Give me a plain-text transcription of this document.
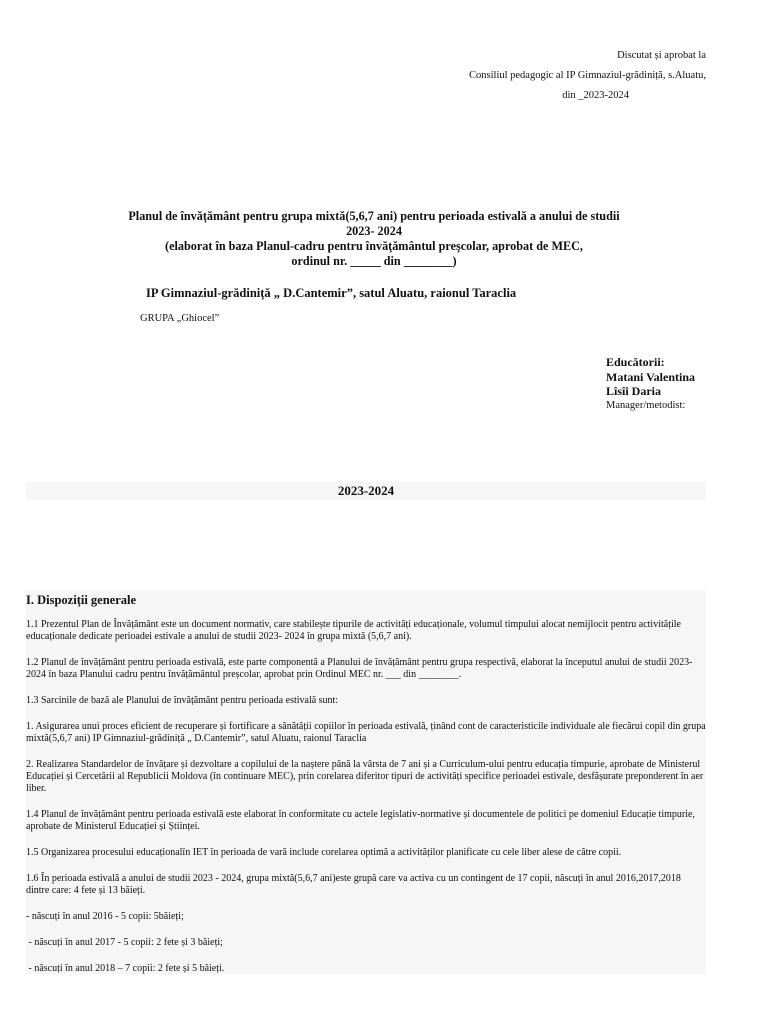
Discutat și aprobat la
Consiliul pedagogic al IP Gimnaziul-grădiniță, s.Aluatu,
din _2023-2024
Planul de învățământ pentru grupa mixtă(5,6,7 ani) pentru perioada estivală a anului de studii
2023- 2024
(elaborat în baza Planul-cadru pentru învăţământul preşcolar, aprobat de MEC,
ordinul nr. _____ din ________)
IP Gimnaziul-grădiniță „ D.Cantemir”, satul Aluatu, raionul Taraclia
GRUPA „Ghiocel”
Educătorii:
Matani Valentina
Lîsîi Daria
Manager/metodist:
2023-2024
I. Dispoziții generale

1.1 Prezentul Plan de Învățământ este un document normativ, care stabilește tipurile de activități educaționale, volumul timpului alocat nemijlocit pentru activitățile educaționale dedicate perioadei estivale a anului de studii 2023- 2024 în grupa mixtă (5,6,7 ani).

1.2 Planul de învățământ pentru perioada estivală, este parte componentă a Planului de învățământ pentru grupa respectivă, elaborat la începutul anului de studii 2023-2024 în baza Planului cadru pentru învățământul preșcolar, aprobat prin Ordinul MEC nr. ___ din ________.

1.3 Sarcinile de bază ale Planului de învățământ pentru perioada estivală sunt:

1. Asigurarea unui proces eficient de recuperare și fortificare a sănătății copiilor în perioada estivală, ținând cont de caracteristicile individuale ale fiecărui copil din grupa mixtă(5,6,7 ani) IP Gimnaziul-grădiniță „ D.Cantemir”, satul Aluatu, raionul Taraclia

2. Realizarea Standardelor de învățare și dezvoltare a copilului de la naștere până la vârsta de 7 ani și a Curriculum-ului pentru educația timpurie, aprobate de Ministerul Educației și Cercetării al Republicii Moldova (în continuare MEC), prin corelarea diferitor tipuri de activități specifice perioadei estivale, desfășurate preponderent în aer liber.

1.4 Planul de învățământ pentru perioada estivală este elaborat în conformitate cu actele legislativ-normative și documentele de politici pe domeniul Educație timpurie, aprobate de Ministerul Educației și Științei.

1.5 Organizarea procesului educaționalîn IET în perioada de vară include corelarea optimă a activităților planificate cu cele liber alese de către copii.

1.6 În perioada estivală a anului de studii 2023 - 2024, grupa mixtă(5,6,7 ani)este grupă care va activa cu un contingent de 17 copii, născuți în anul 2016,2017,2018 dintre care: 4 fete și 13 băieți.

- născuți în anul 2016 - 5 copii: 5băieți;

- născuți în anul 2017 - 5 copii: 2 fete și 3 băieți;

- născuți în anul 2018 – 7 copii: 2 fete și 5 băieți.
